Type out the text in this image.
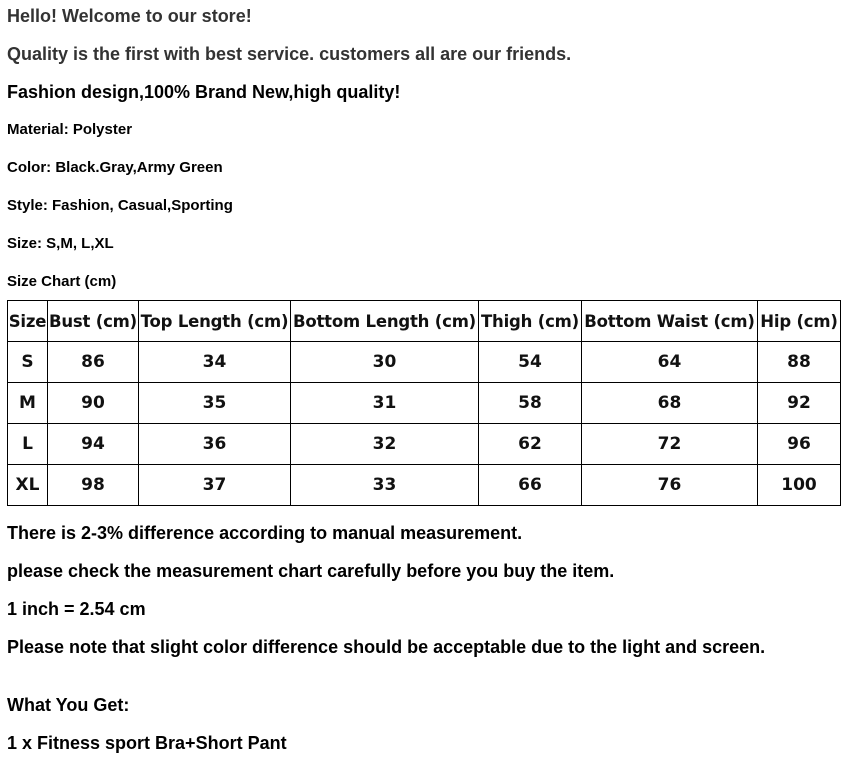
Hello! Welcome to our store!
Quality is the first with best service. customers all are our friends.
Fashion design,100% Brand New,high quality!
Material: Polyster
Color: Black.Gray,Army Green
Style: Fashion, Casual,Sporting
Size: S,M, L,XL
Size Chart (cm)
Size	Bust (cm)	Top Length (cm)	Bottom Length (cm)	Thigh (cm)	Bottom Waist (cm)	Hip (cm)
S	86	34	30	54	64	88
M	90	35	31	58	68	92
L	94	36	32	62	72	96
XL	98	37	33	66	76	100
There is 2-3% difference according to manual measurement.
please check the measurement chart carefully before you buy the item.
1 inch = 2.54 cm
Please note that slight color difference should be acceptable due to the light and screen.
What You Get:
1 x Fitness sport Bra+Short Pant
